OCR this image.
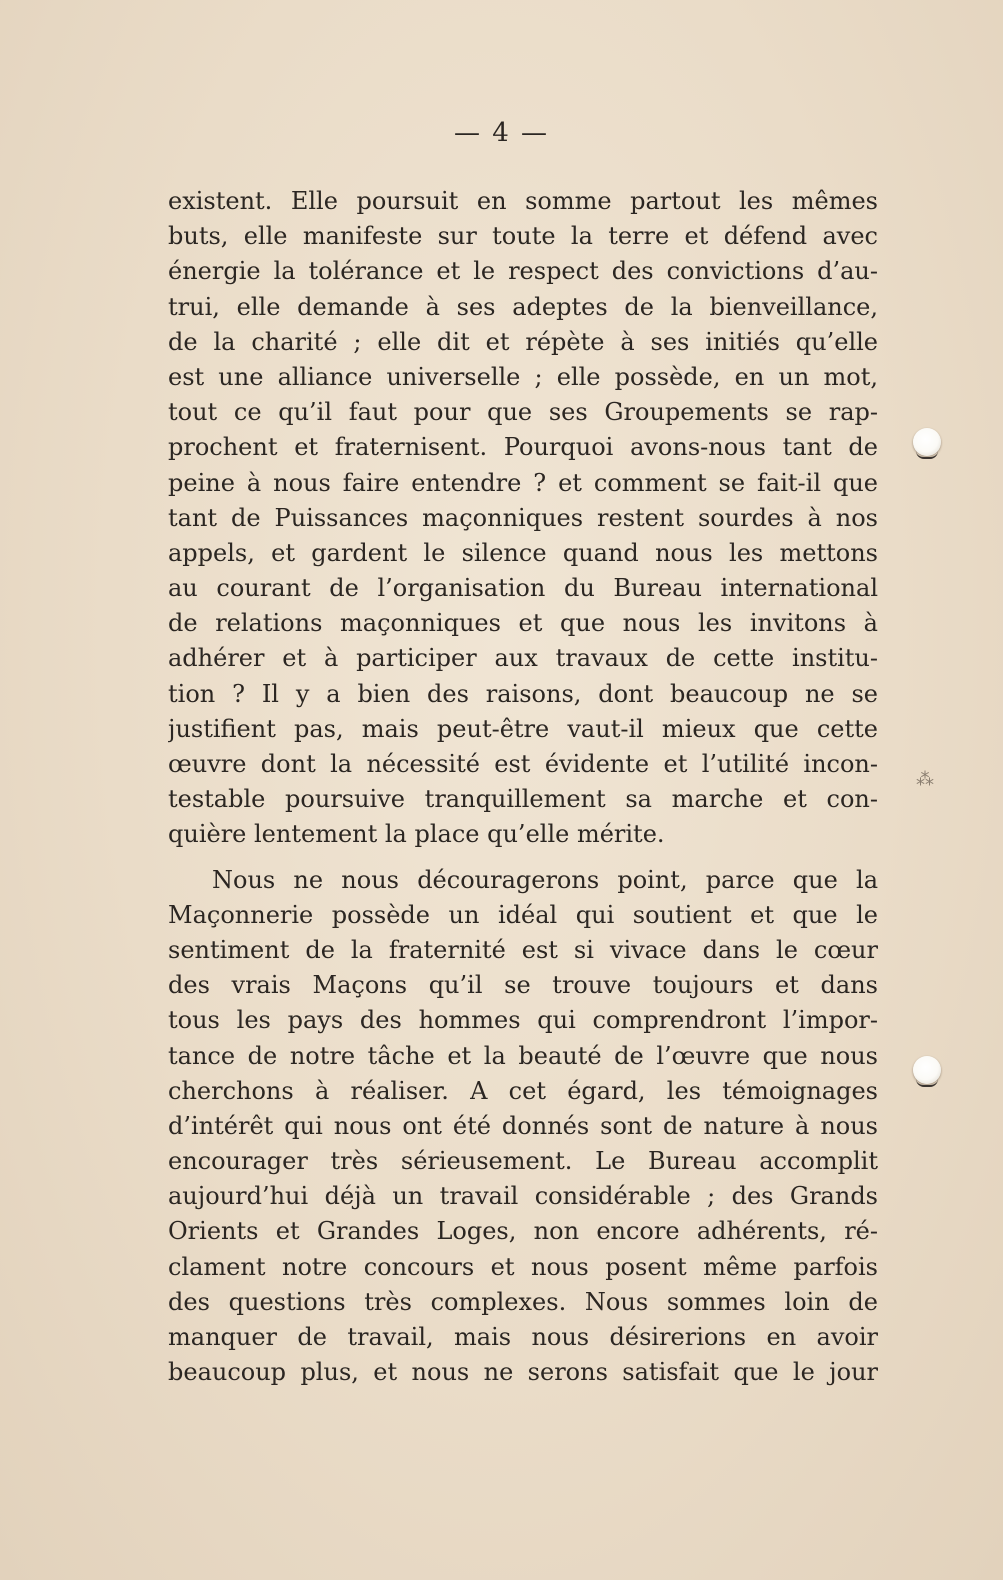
— 4 —
existent. Elle poursuit en somme partout les mêmes
buts, elle manifeste sur toute la terre et défend avec
énergie la tolérance et le respect des convictions d’au-
trui, elle demande à ses adeptes de la bienveillance,
de la charité ; elle dit et répète à ses initiés qu’elle
est une alliance universelle ; elle possède, en un mot,
tout ce qu’il faut pour que ses Groupements se rap-
prochent et fraternisent. Pourquoi avons-nous tant de
peine à nous faire entendre ? et comment se fait-il que
tant de Puissances maçonniques restent sourdes à nos
appels, et gardent le silence quand nous les mettons
au courant de l’organisation du Bureau international
de relations maçonniques et que nous les invitons à
adhérer et à participer aux travaux de cette institu-
tion ? Il y a bien des raisons, dont beaucoup ne se
justifient pas, mais peut-être vaut-il mieux que cette
œuvre dont la nécessité est évidente et l’utilité incon-
testable poursuive tranquillement sa marche et con-
quière lentement la place qu’elle mérite.
Nous ne nous découragerons point, parce que la
Maçonnerie possède un idéal qui soutient et que le
sentiment de la fraternité est si vivace dans le cœur
des vrais Maçons qu’il se trouve toujours et dans
tous les pays des hommes qui comprendront l’impor-
tance de notre tâche et la beauté de l’œuvre que nous
cherchons à réaliser. A cet égard, les témoignages
d’intérêt qui nous ont été donnés sont de nature à nous
encourager très sérieusement. Le Bureau accomplit
aujourd’hui déjà un travail considérable ; des Grands
Orients et Grandes Loges, non encore adhérents, ré-
clament notre concours et nous posent même parfois
des questions très complexes. Nous sommes loin de
manquer de travail, mais nous désirerions en avoir
beaucoup plus, et nous ne serons satisfait que le jour
⁂
